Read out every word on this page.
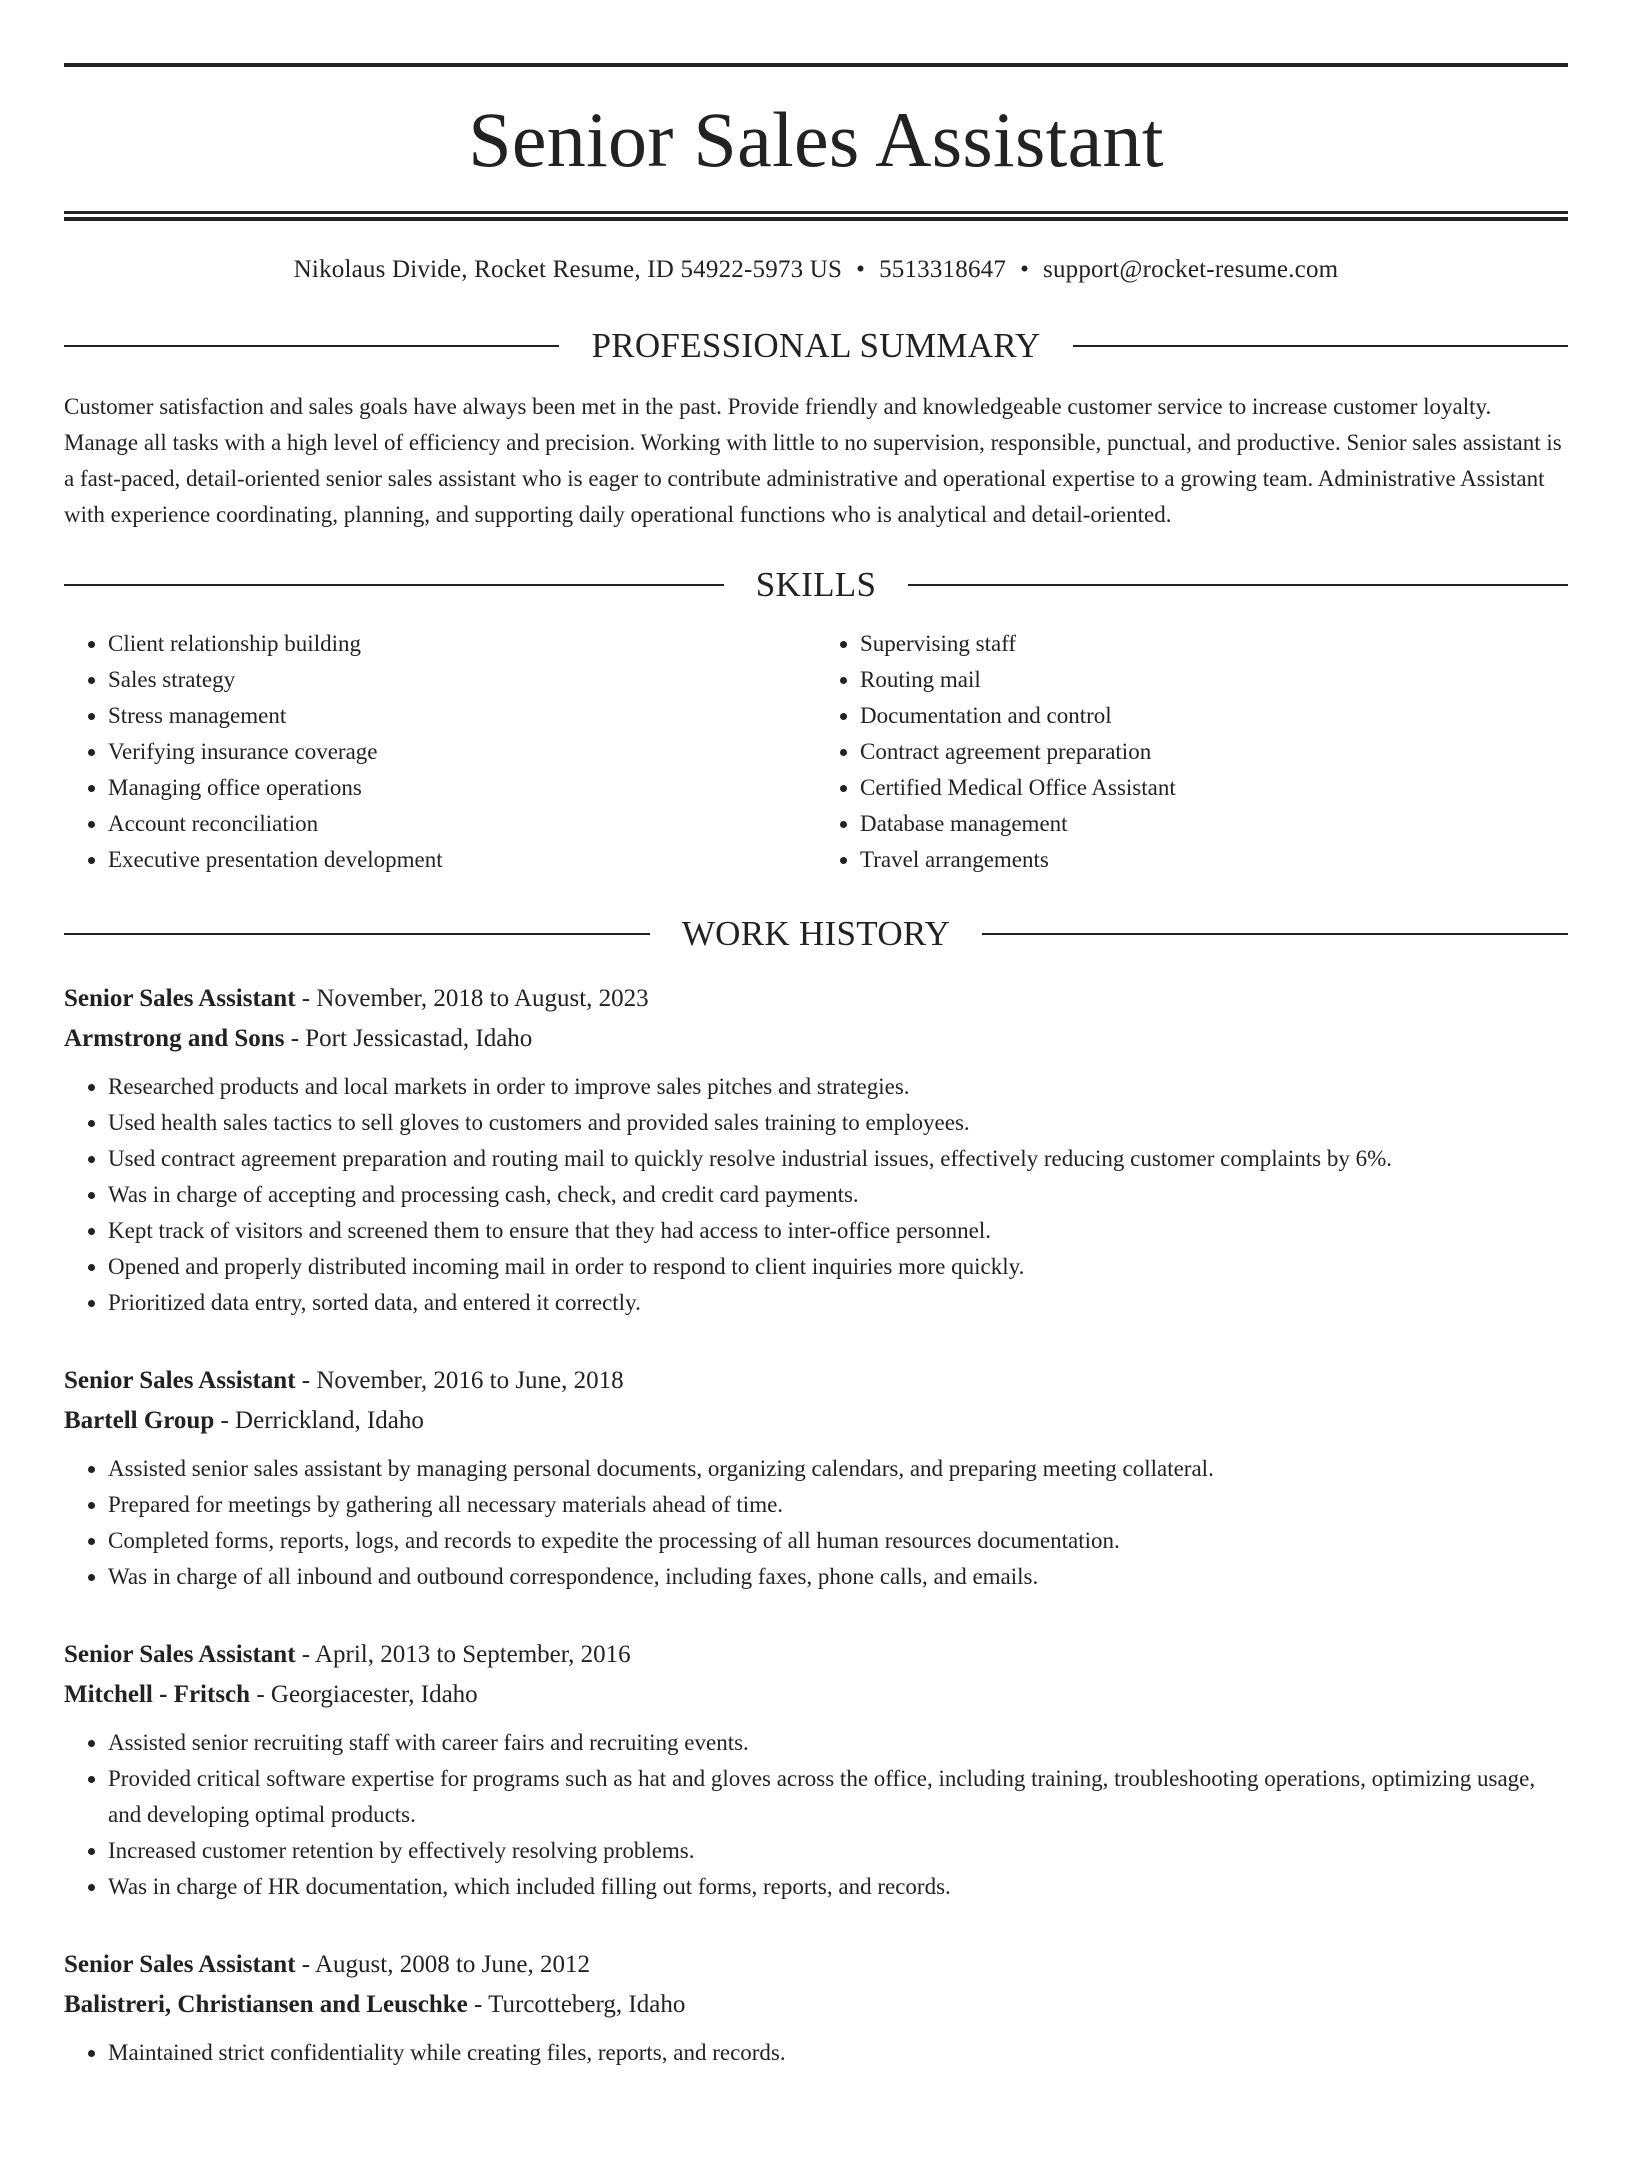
Senior Sales Assistant
Nikolaus Divide, Rocket Resume, ID 54922-5973 US • 5513318647 • support@rocket-resume.com
PROFESSIONAL SUMMARY
Customer satisfaction and sales goals have always been met in the past. Provide friendly and knowledgeable customer service to increase customer loyalty. Manage all tasks with a high level of efficiency and precision. Working with little to no supervision, responsible, punctual, and productive. Senior sales assistant is a fast-paced, detail-oriented senior sales assistant who is eager to contribute administrative and operational expertise to a growing team. Administrative Assistant with experience coordinating, planning, and supporting daily operational functions who is analytical and detail-oriented.
SKILLS
• Client relationship building
• Sales strategy
• Stress management
• Verifying insurance coverage
• Managing office operations
• Account reconciliation
• Executive presentation development
• Supervising staff
• Routing mail
• Documentation and control
• Contract agreement preparation
• Certified Medical Office Assistant
• Database management
• Travel arrangements
WORK HISTORY
Senior Sales Assistant - November, 2018 to August, 2023
Armstrong and Sons - Port Jessicastad, Idaho
• Researched products and local markets in order to improve sales pitches and strategies.
• Used health sales tactics to sell gloves to customers and provided sales training to employees.
• Used contract agreement preparation and routing mail to quickly resolve industrial issues, effectively reducing customer complaints by 6%.
• Was in charge of accepting and processing cash, check, and credit card payments.
• Kept track of visitors and screened them to ensure that they had access to inter-office personnel.
• Opened and properly distributed incoming mail in order to respond to client inquiries more quickly.
• Prioritized data entry, sorted data, and entered it correctly.
Senior Sales Assistant - November, 2016 to June, 2018
Bartell Group - Derrickland, Idaho
• Assisted senior sales assistant by managing personal documents, organizing calendars, and preparing meeting collateral.
• Prepared for meetings by gathering all necessary materials ahead of time.
• Completed forms, reports, logs, and records to expedite the processing of all human resources documentation.
• Was in charge of all inbound and outbound correspondence, including faxes, phone calls, and emails.
Senior Sales Assistant - April, 2013 to September, 2016
Mitchell - Fritsch - Georgiacester, Idaho
• Assisted senior recruiting staff with career fairs and recruiting events.
• Provided critical software expertise for programs such as hat and gloves across the office, including training, troubleshooting operations, optimizing usage, and developing optimal products.
• Increased customer retention by effectively resolving problems.
• Was in charge of HR documentation, which included filling out forms, reports, and records.
Senior Sales Assistant - August, 2008 to June, 2012
Balistreri, Christiansen and Leuschke - Turcotteberg, Idaho
• Maintained strict confidentiality while creating files, reports, and records.
